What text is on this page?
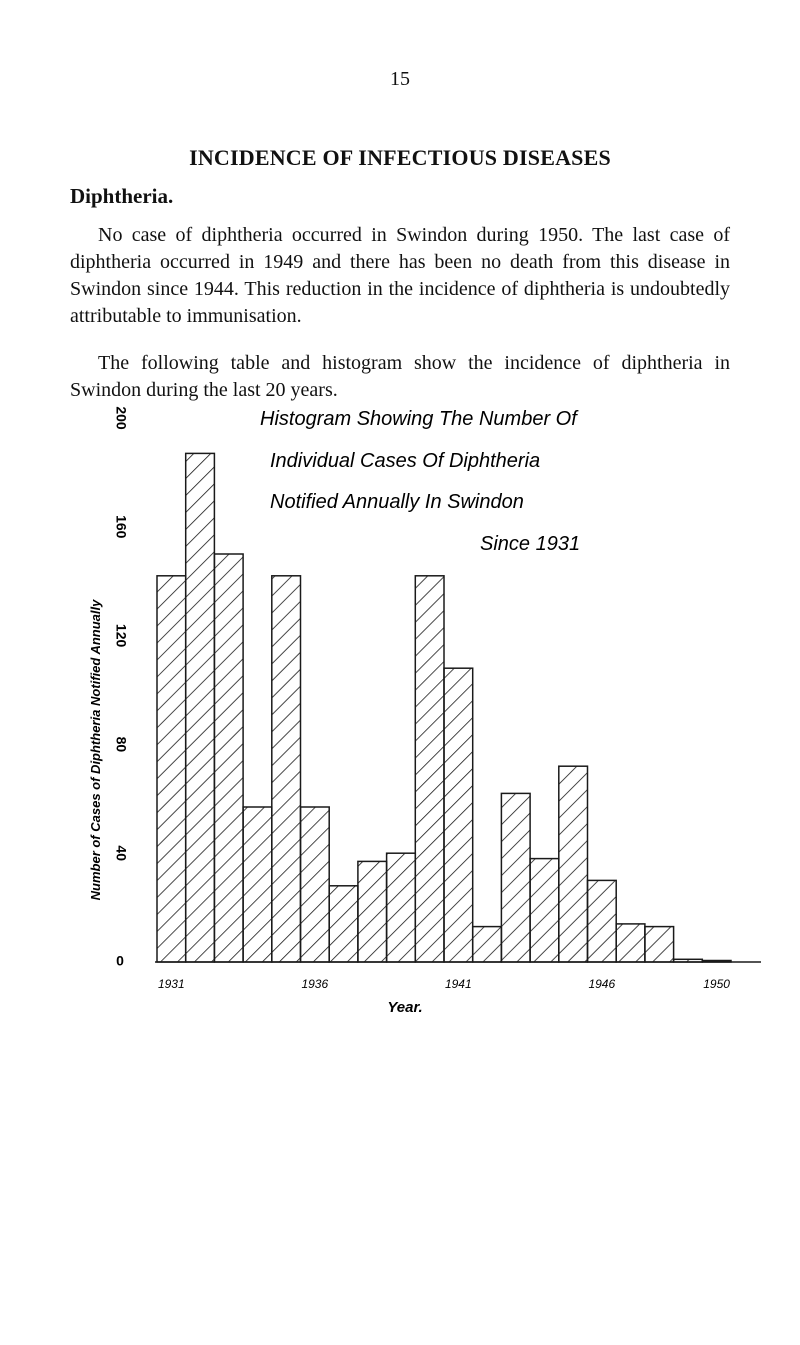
15
INCIDENCE OF INFECTIOUS DISEASES
Diphtheria.

No case of diphtheria occurred in Swindon during 1950. The last case of diphtheria occurred in 1949 and there has been no death from this disease in Swindon since 1944. This reduction in the incidence of diphtheria is undoubtedly attributable to immunisation.

The following table and histogram show the incidence of diphtheria in Swindon during the last 20 years.

0
40
80
120
160
200
1931	1936	1941	1946	1950
Number of Cases of Diphtheria Notified Annually
Year.
Histogram Showing The Number Of
Individual Cases Of Diphtheria
Notified Annually In Swindon
Since 1931
